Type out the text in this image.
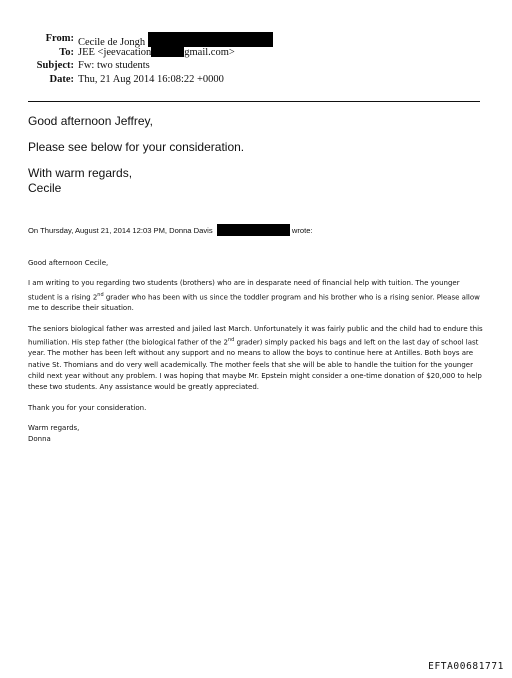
From: Cecile de Jongh
To: JEE <jeevacation	gmail.com>
Subject: Fw: two students
Date: Thu, 21 Aug 2014 16:08:22 +0000

Good afternoon Jeffrey,

Please see below for your consideration.

With warm regards,
Cecile

On Thursday, August 21, 2014 12:03 PM, Donna Davis	wrote:

Good afternoon Cecile,

I am writing to you regarding two students (brothers) who are in desparate need of financial help with tuition. The younger student is a rising 2nd grader who has been with us since the toddler program and his brother who is a rising senior. Please allow me to describe their situation.

The seniors biological father was arrested and jailed last March. Unfortunately it was fairly public and the child had to endure this humiliation. His step father (the biological father of the 2nd grader) simply packed his bags and left on the last day of school last year. The mother has been left without any support and no means to allow the boys to continue here at Antilles. Both boys are native St. Thomians and do very well academically. The mother feels that she will be able to handle the tuition for the younger child next year without any problem. I was hoping that maybe Mr. Epstein might consider a one-time donation of $20,000 to help these two students. Any assistance would be greatly appreciated.

Thank you for your consideration.

Warm regards,
Donna

EFTA00681771
